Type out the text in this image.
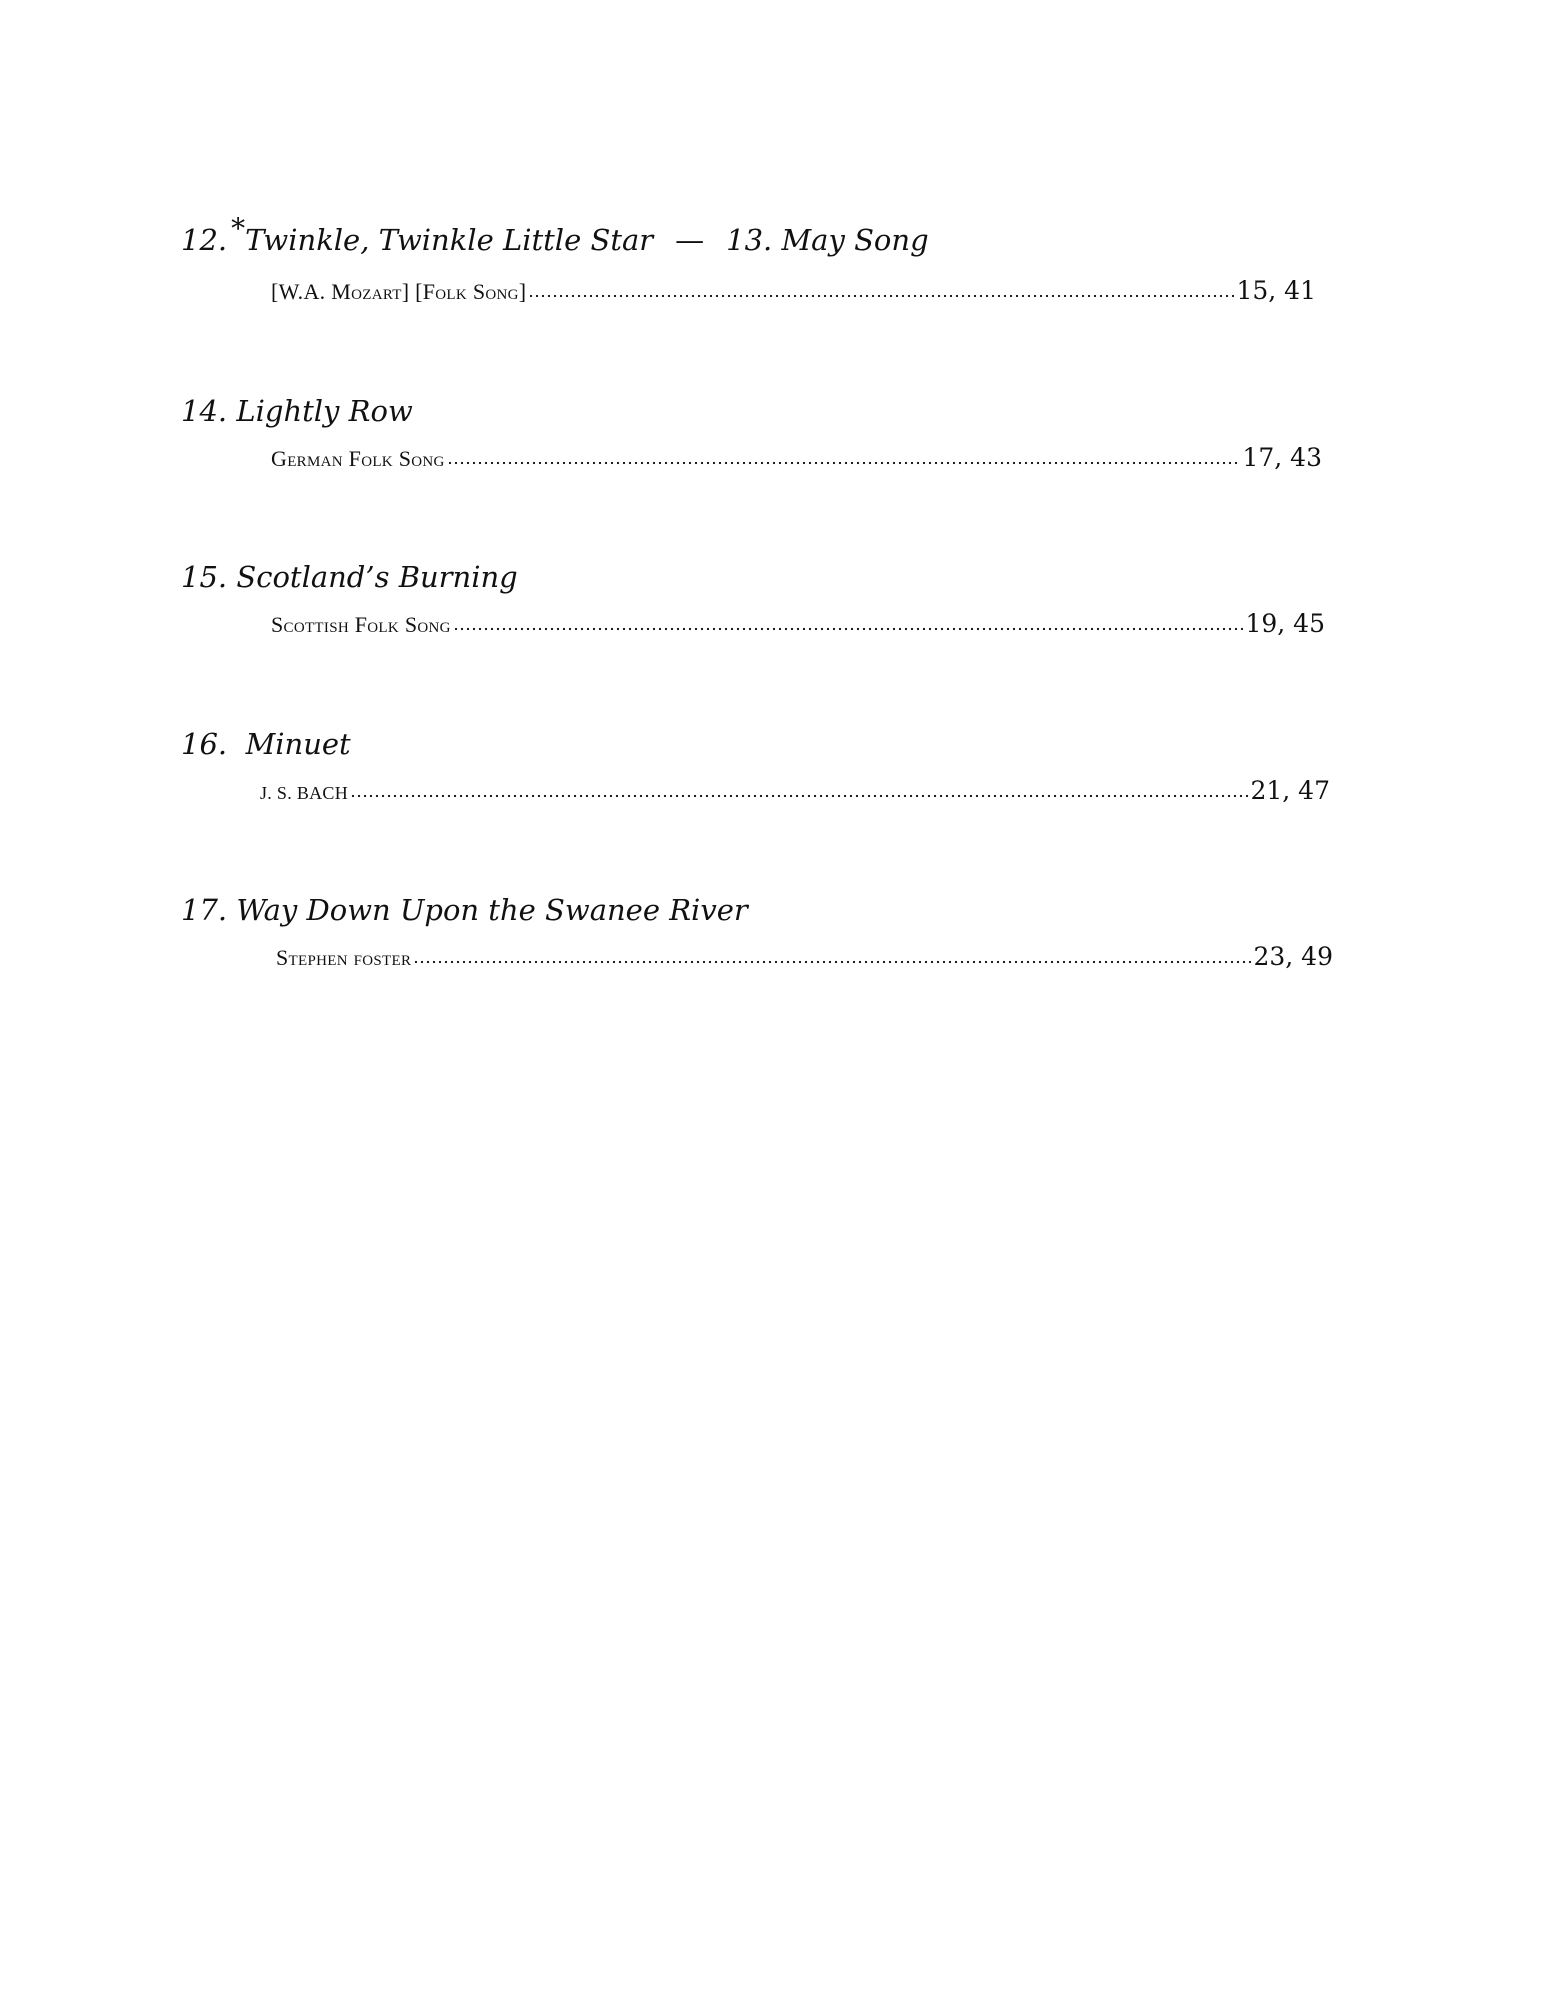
12. *Twinkle, Twinkle Little Star — 13. May Song
[W.A. Mozart] [Folk Song]	15, 41
14. Lightly Row
German Folk Song	17, 43
15. Scotland’s Burning
Scottish Folk Song	19, 45
16. Minuet
J. S. BACH	21, 47
17. Way Down Upon the Swanee River
Stephen foster	23, 49
